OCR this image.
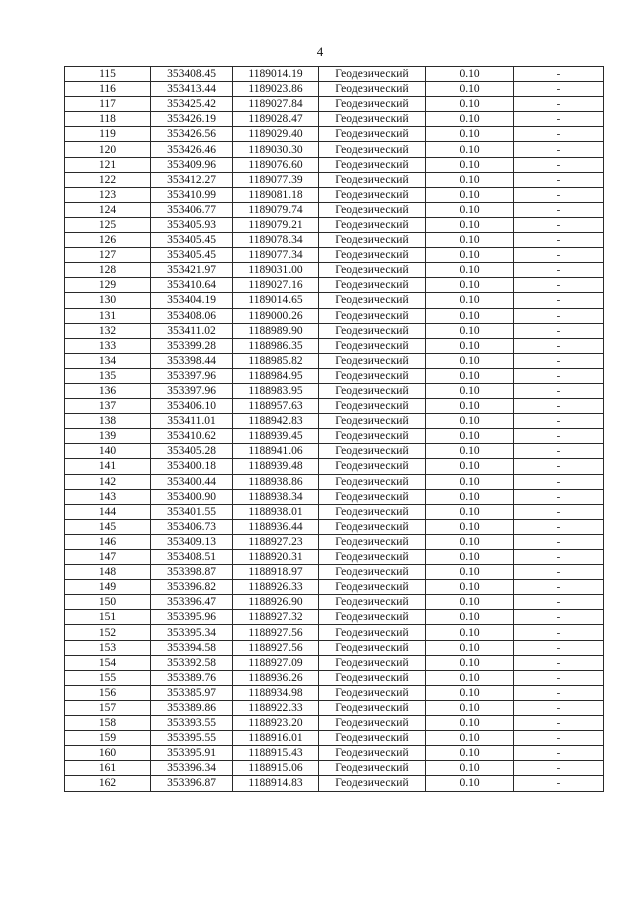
4
115	353408.45	1189014.19	Геодезический	0.10	-
116	353413.44	1189023.86	Геодезический	0.10	-
117	353425.42	1189027.84	Геодезический	0.10	-
118	353426.19	1189028.47	Геодезический	0.10	-
119	353426.56	1189029.40	Геодезический	0.10	-
120	353426.46	1189030.30	Геодезический	0.10	-
121	353409.96	1189076.60	Геодезический	0.10	-
122	353412.27	1189077.39	Геодезический	0.10	-
123	353410.99	1189081.18	Геодезический	0.10	-
124	353406.77	1189079.74	Геодезический	0.10	-
125	353405.93	1189079.21	Геодезический	0.10	-
126	353405.45	1189078.34	Геодезический	0.10	-
127	353405.45	1189077.34	Геодезический	0.10	-
128	353421.97	1189031.00	Геодезический	0.10	-
129	353410.64	1189027.16	Геодезический	0.10	-
130	353404.19	1189014.65	Геодезический	0.10	-
131	353408.06	1189000.26	Геодезический	0.10	-
132	353411.02	1188989.90	Геодезический	0.10	-
133	353399.28	1188986.35	Геодезический	0.10	-
134	353398.44	1188985.82	Геодезический	0.10	-
135	353397.96	1188984.95	Геодезический	0.10	-
136	353397.96	1188983.95	Геодезический	0.10	-
137	353406.10	1188957.63	Геодезический	0.10	-
138	353411.01	1188942.83	Геодезический	0.10	-
139	353410.62	1188939.45	Геодезический	0.10	-
140	353405.28	1188941.06	Геодезический	0.10	-
141	353400.18	1188939.48	Геодезический	0.10	-
142	353400.44	1188938.86	Геодезический	0.10	-
143	353400.90	1188938.34	Геодезический	0.10	-
144	353401.55	1188938.01	Геодезический	0.10	-
145	353406.73	1188936.44	Геодезический	0.10	-
146	353409.13	1188927.23	Геодезический	0.10	-
147	353408.51	1188920.31	Геодезический	0.10	-
148	353398.87	1188918.97	Геодезический	0.10	-
149	353396.82	1188926.33	Геодезический	0.10	-
150	353396.47	1188926.90	Геодезический	0.10	-
151	353395.96	1188927.32	Геодезический	0.10	-
152	353395.34	1188927.56	Геодезический	0.10	-
153	353394.58	1188927.56	Геодезический	0.10	-
154	353392.58	1188927.09	Геодезический	0.10	-
155	353389.76	1188936.26	Геодезический	0.10	-
156	353385.97	1188934.98	Геодезический	0.10	-
157	353389.86	1188922.33	Геодезический	0.10	-
158	353393.55	1188923.20	Геодезический	0.10	-
159	353395.55	1188916.01	Геодезический	0.10	-
160	353395.91	1188915.43	Геодезический	0.10	-
161	353396.34	1188915.06	Геодезический	0.10	-
162	353396.87	1188914.83	Геодезический	0.10	-
